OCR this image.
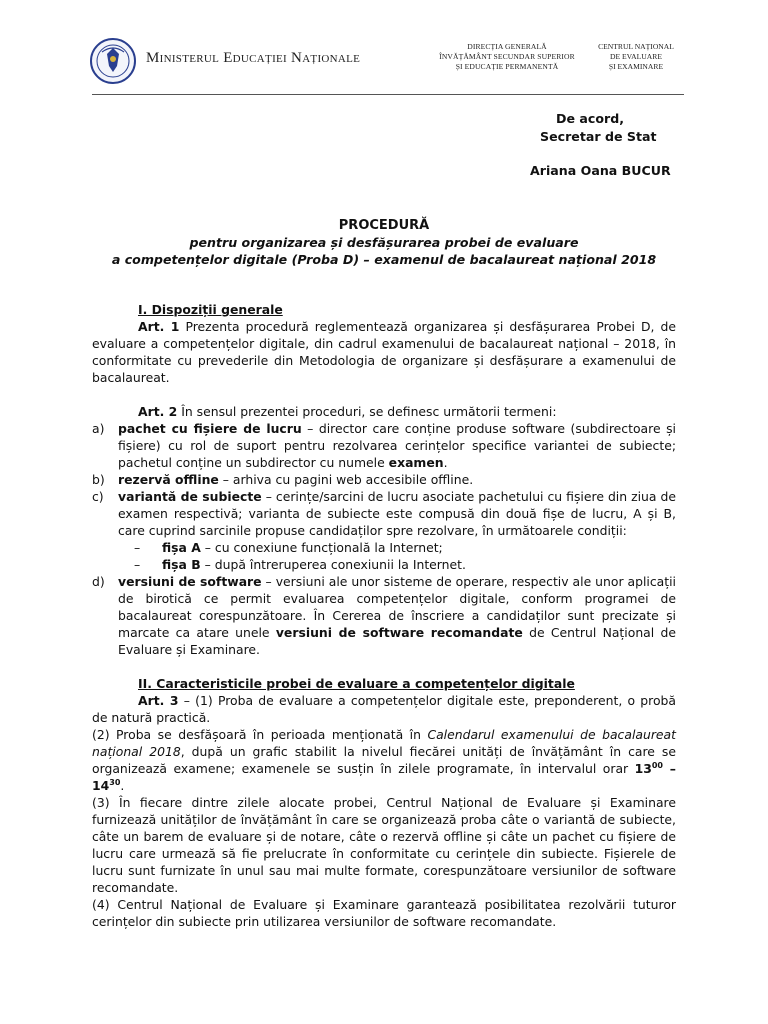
Ministerul Educației Naționale
DIRECȚIA GENERALĂ
ÎNVĂȚĂMÂNT SECUNDAR SUPERIOR
ȘI EDUCAȚIE PERMANENTĂ
CENTRUL NAȚIONAL
DE EVALUARE
ȘI EXAMINARE
De acord,
Secretar de Stat
Ariana Oana BUCUR
PROCEDURĂ
pentru organizarea și desfășurarea probei de evaluare
a competențelor digitale (Proba D) – examenul de bacalaureat național 2018
I. Dispoziții generale
Art. 1 Prezenta procedură reglementează organizarea și desfășurarea Probei D, de evaluare a competențelor digitale, din cadrul examenului de bacalaureat național – 2018, în conformitate cu prevederile din Metodologia de organizare și desfășurare a examenului de bacalaureat.
Art. 2 În sensul prezentei proceduri, se definesc următorii termeni:
a)	pachet cu fișiere de lucru – director care conține produse software (subdirectoare și fișiere) cu rol de suport pentru rezolvarea cerințelor specifice variantei de subiecte; pachetul conține un subdirector cu numele examen.
b)	rezervă offline – arhiva cu pagini web accesibile offline.
c)	variantă de subiecte – cerințe/sarcini de lucru asociate pachetului cu fișiere din ziua de examen respectivă; varianta de subiecte este compusă din două fișe de lucru, A și B, care cuprind sarcinile propuse candidaților spre rezolvare, în următoarele condiții:
–	fișa A – cu conexiune funcțională la Internet;
–	fișa B – după întreruperea conexiunii la Internet.
d)	versiuni de software – versiuni ale unor sisteme de operare, respectiv ale unor aplicații de birotică ce permit evaluarea competențelor digitale, conform programei de bacalaureat corespunzătoare. În Cererea de înscriere a candidaților sunt precizate și marcate ca atare unele versiuni de software recomandate de Centrul Național de Evaluare și Examinare.
II. Caracteristicile probei de evaluare a competențelor digitale
Art. 3 – (1) Proba de evaluare a competențelor digitale este, preponderent, o probă de natură practică.
(2) Proba se desfășoară în perioada menționată în Calendarul examenului de bacalaureat național 2018, după un grafic stabilit la nivelul fiecărei unități de învățământ în care se organizează examene; examenele se susțin în zilele programate, în intervalul orar $13^{00} - 14^{30}$.
(3) În fiecare dintre zilele alocate probei, Centrul Național de Evaluare și Examinare furnizează unităților de învățământ în care se organizează proba câte o variantă de subiecte, câte un barem de evaluare și de notare, câte o rezervă offline și câte un pachet cu fișiere de lucru care urmează să fie prelucrate în conformitate cu cerințele din subiecte. Fișierele de lucru sunt furnizate în unul sau mai multe formate, corespunzătoare versiunilor de software recomandate.
(4) Centrul Național de Evaluare și Examinare garantează posibilitatea rezolvării tuturor cerințelor din subiecte prin utilizarea versiunilor de software recomandate.
